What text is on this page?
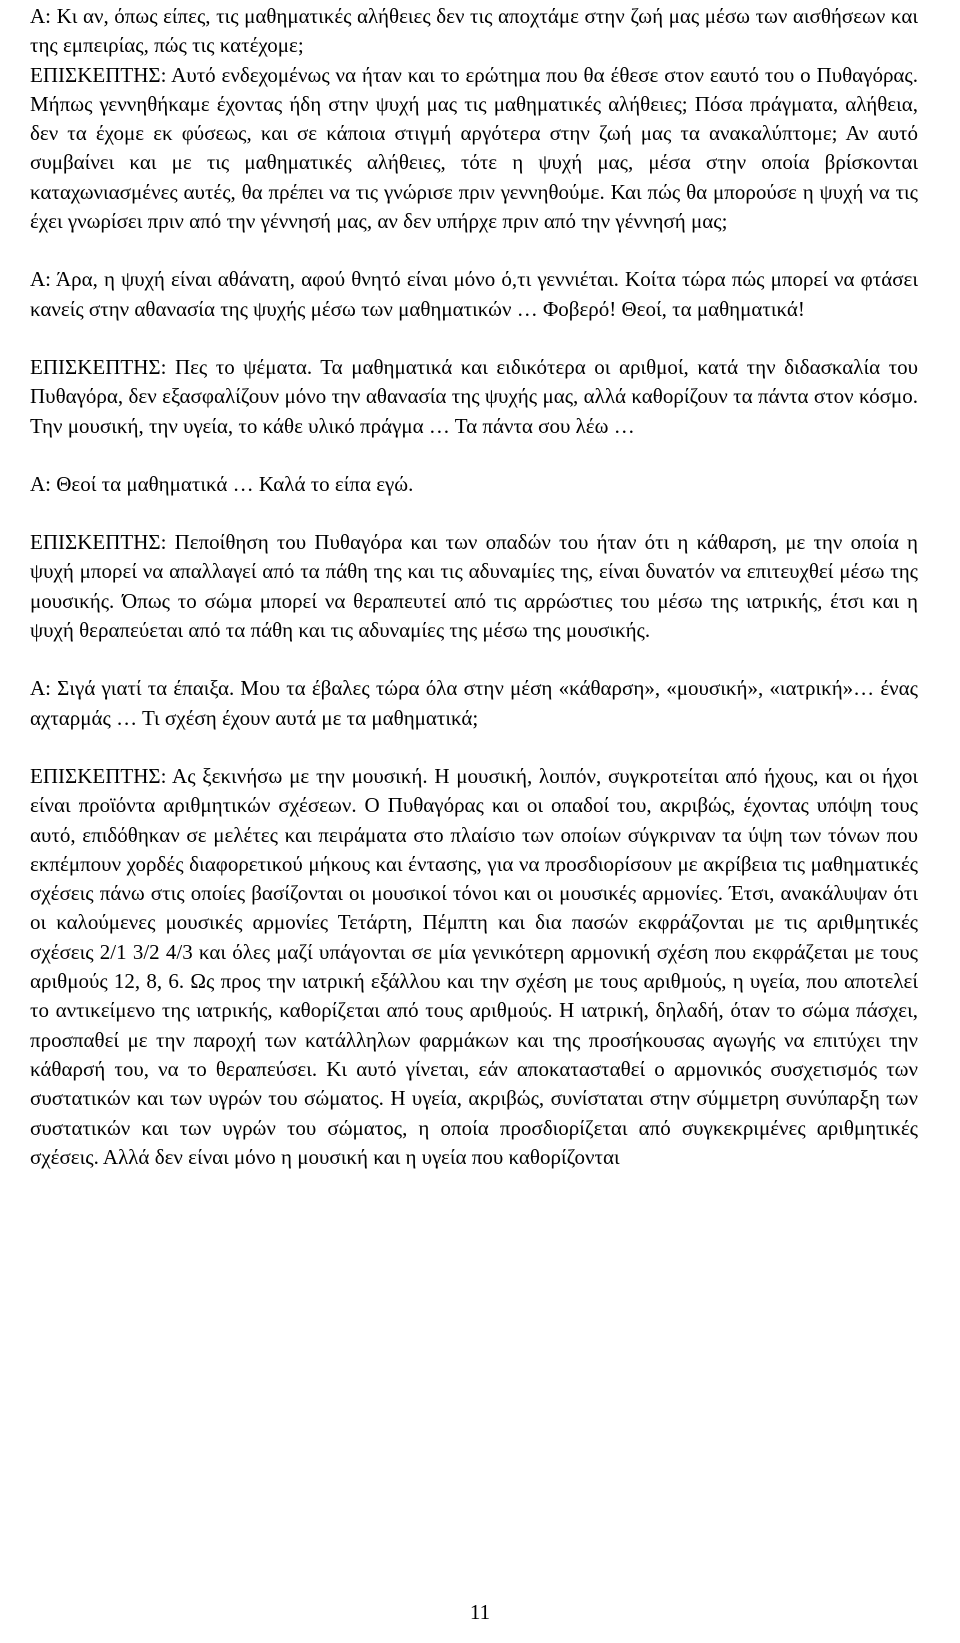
Α: Κι αν, όπως είπες, τις μαθηματικές αλήθειες δεν τις αποχτάμε στην ζωή μας μέσω των αισθήσεων και της εμπειρίας, πώς τις κατέχομε;

ΕΠΙΣΚΕΠΤΗΣ: Αυτό ενδεχομένως να ήταν και το ερώτημα που θα έθεσε στον εαυτό του ο Πυθαγόρας. Μήπως γεννηθήκαμε έχοντας ήδη στην ψυχή μας τις μαθηματικές αλήθειες; Πόσα πράγματα, αλήθεια, δεν τα έχομε εκ φύσεως, και σε κάποια στιγμή αργότερα στην ζωή μας τα ανακαλύπτομε; Αν αυτό συμβαίνει και με τις μαθηματικές αλήθειες, τότε η ψυχή μας, μέσα στην οποία βρίσκονται καταχωνιασμένες αυτές, θα πρέπει να τις γνώρισε πριν γεννηθούμε. Και πώς θα μπορούσε η ψυχή να τις έχει γνωρίσει πριν από την γέννησή μας, αν δεν υπήρχε πριν από την γέννησή μας;

Α: Άρα, η ψυχή είναι αθάνατη, αφού θνητό είναι μόνο ό,τι γεννιέται. Κοίτα τώρα πώς μπορεί να φτάσει κανείς στην αθανασία της ψυχής μέσω των μαθηματικών … Φοβερό! Θεοί, τα μαθηματικά!

ΕΠΙΣΚΕΠΤΗΣ: Πες το ψέματα. Τα μαθηματικά και ειδικότερα οι αριθμοί, κατά την διδασκαλία του Πυθαγόρα, δεν εξασφαλίζουν μόνο την αθανασία της ψυχής μας, αλλά καθορίζουν τα πάντα στον κόσμο. Την μουσική, την υγεία, το κάθε υλικό πράγμα … Τα πάντα σου λέω …

Α: Θεοί τα μαθηματικά … Καλά το είπα εγώ.

ΕΠΙΣΚΕΠΤΗΣ: Πεποίθηση του Πυθαγόρα και των οπαδών του ήταν ότι η κάθαρση, με την οποία η ψυχή μπορεί να απαλλαγεί από τα πάθη της και τις αδυναμίες της, είναι δυνατόν να επιτευχθεί μέσω της μουσικής. Όπως το σώμα μπορεί να θεραπευτεί από τις αρρώστιες του μέσω της ιατρικής, έτσι και η ψυχή θεραπεύεται από τα πάθη και τις αδυναμίες της μέσω της μουσικής.

Α: Σιγά γιατί τα έπαιξα. Μου τα έβαλες τώρα όλα στην μέση «κάθαρση», «μουσική», «ιατρική»… ένας αχταρμάς … Τι σχέση έχουν αυτά με τα μαθηματικά;

ΕΠΙΣΚΕΠΤΗΣ: Ας ξεκινήσω με την μουσική. Η μουσική, λοιπόν, συγκροτείται από ήχους, και οι ήχοι είναι προϊόντα αριθμητικών σχέσεων. Ο Πυθαγόρας και οι οπαδοί του, ακριβώς, έχοντας υπόψη τους αυτό, επιδόθηκαν σε μελέτες και πειράματα στο πλαίσιο των οποίων σύγκριναν τα ύψη των τόνων που εκπέμπουν χορδές διαφορετικού μήκους και έντασης, για να προσδιορίσουν με ακρίβεια τις μαθηματικές σχέσεις πάνω στις οποίες βασίζονται οι μουσικοί τόνοι και οι μουσικές αρμονίες. Έτσι, ανακάλυψαν ότι οι καλούμενες μουσικές αρμονίες Τετάρτη, Πέμπτη και δια πασών εκφράζονται με τις αριθμητικές σχέσεις 2/1 3/2 4/3 και όλες μαζί υπάγονται σε μία γενικότερη αρμονική σχέση που εκφράζεται με τους αριθμούς 12, 8, 6. Ως προς την ιατρική εξάλλου και την σχέση με τους αριθμούς, η υγεία, που αποτελεί το αντικείμενο της ιατρικής, καθορίζεται από τους αριθμούς. Η ιατρική, δηλαδή, όταν το σώμα πάσχει, προσπαθεί με την παροχή των κατάλληλων φαρμάκων και της προσήκουσας αγωγής να επιτύχει την κάθαρσή του, να το θεραπεύσει. Κι αυτό γίνεται, εάν αποκατασταθεί ο αρμονικός συσχετισμός των συστατικών και των υγρών του σώματος. Η υγεία, ακριβώς, συνίσταται στην σύμμετρη συνύπαρξη των συστατικών και των υγρών του σώματος, η οποία προσδιορίζεται από συγκεκριμένες αριθμητικές σχέσεις. Αλλά δεν είναι μόνο η μουσική και η υγεία που καθορίζονται

11
